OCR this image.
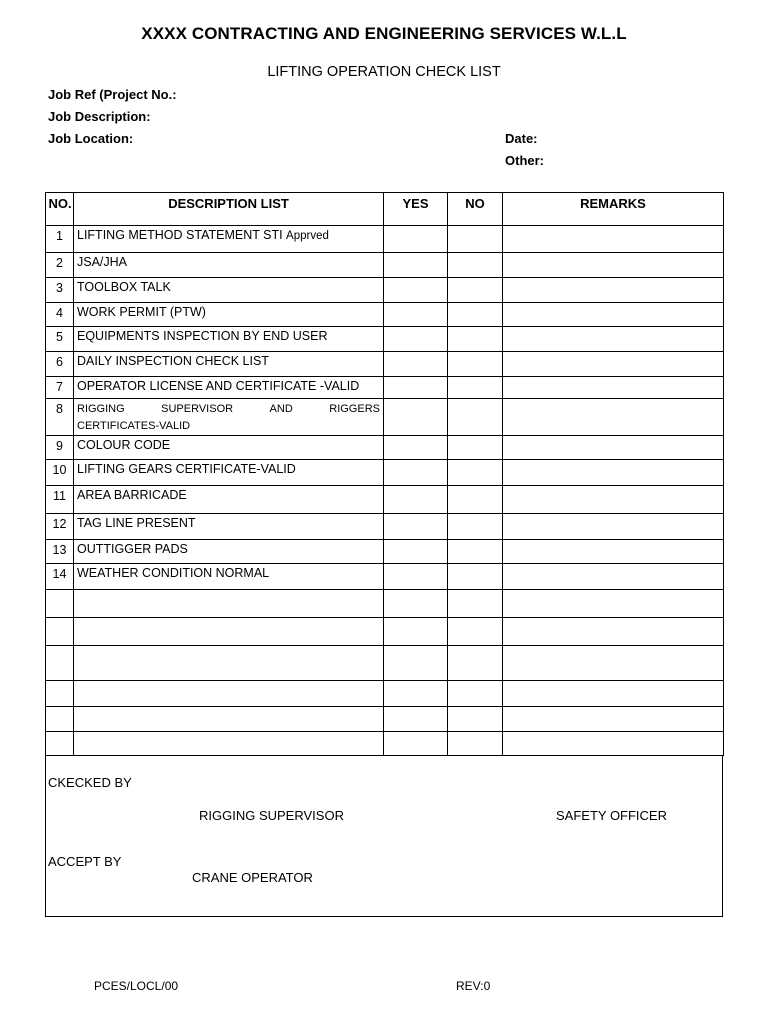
XXXX CONTRACTING AND ENGINEERING SERVICES W.L.L
LIFTING OPERATION CHECK LIST
Job Ref (Project No.:
Job Description:
Job Location:	Date:
Other:
NO.	DESCRIPTION LIST	YES	NO	REMARKS
1	LIFTING METHOD STATEMENT STI Apprved			
2	JSA/JHA			
3	TOOLBOX TALK			
4	WORK PERMIT (PTW)			
5	EQUIPMENTS INSPECTION BY END USER			
6	DAILY INSPECTION CHECK LIST			
7	OPERATOR LICENSE AND CERTIFICATE -VALID			
8	RIGGING SUPERVISOR AND RIGGERS
CERTIFICATES-VALID			

9	COLOUR CODE			
10	LIFTING GEARS CERTIFICATE-VALID			
11	AREA BARRICADE			
12	TAG LINE PRESENT			
13	OUTTIGGER PADS			
14	WEATHER CONDITION NORMAL			

CKECKED BY
RIGGING SUPERVISOR	SAFETY OFFICER
ACCEPT BY
CRANE OPERATOR
PCES/LOCL/00	REV:0
